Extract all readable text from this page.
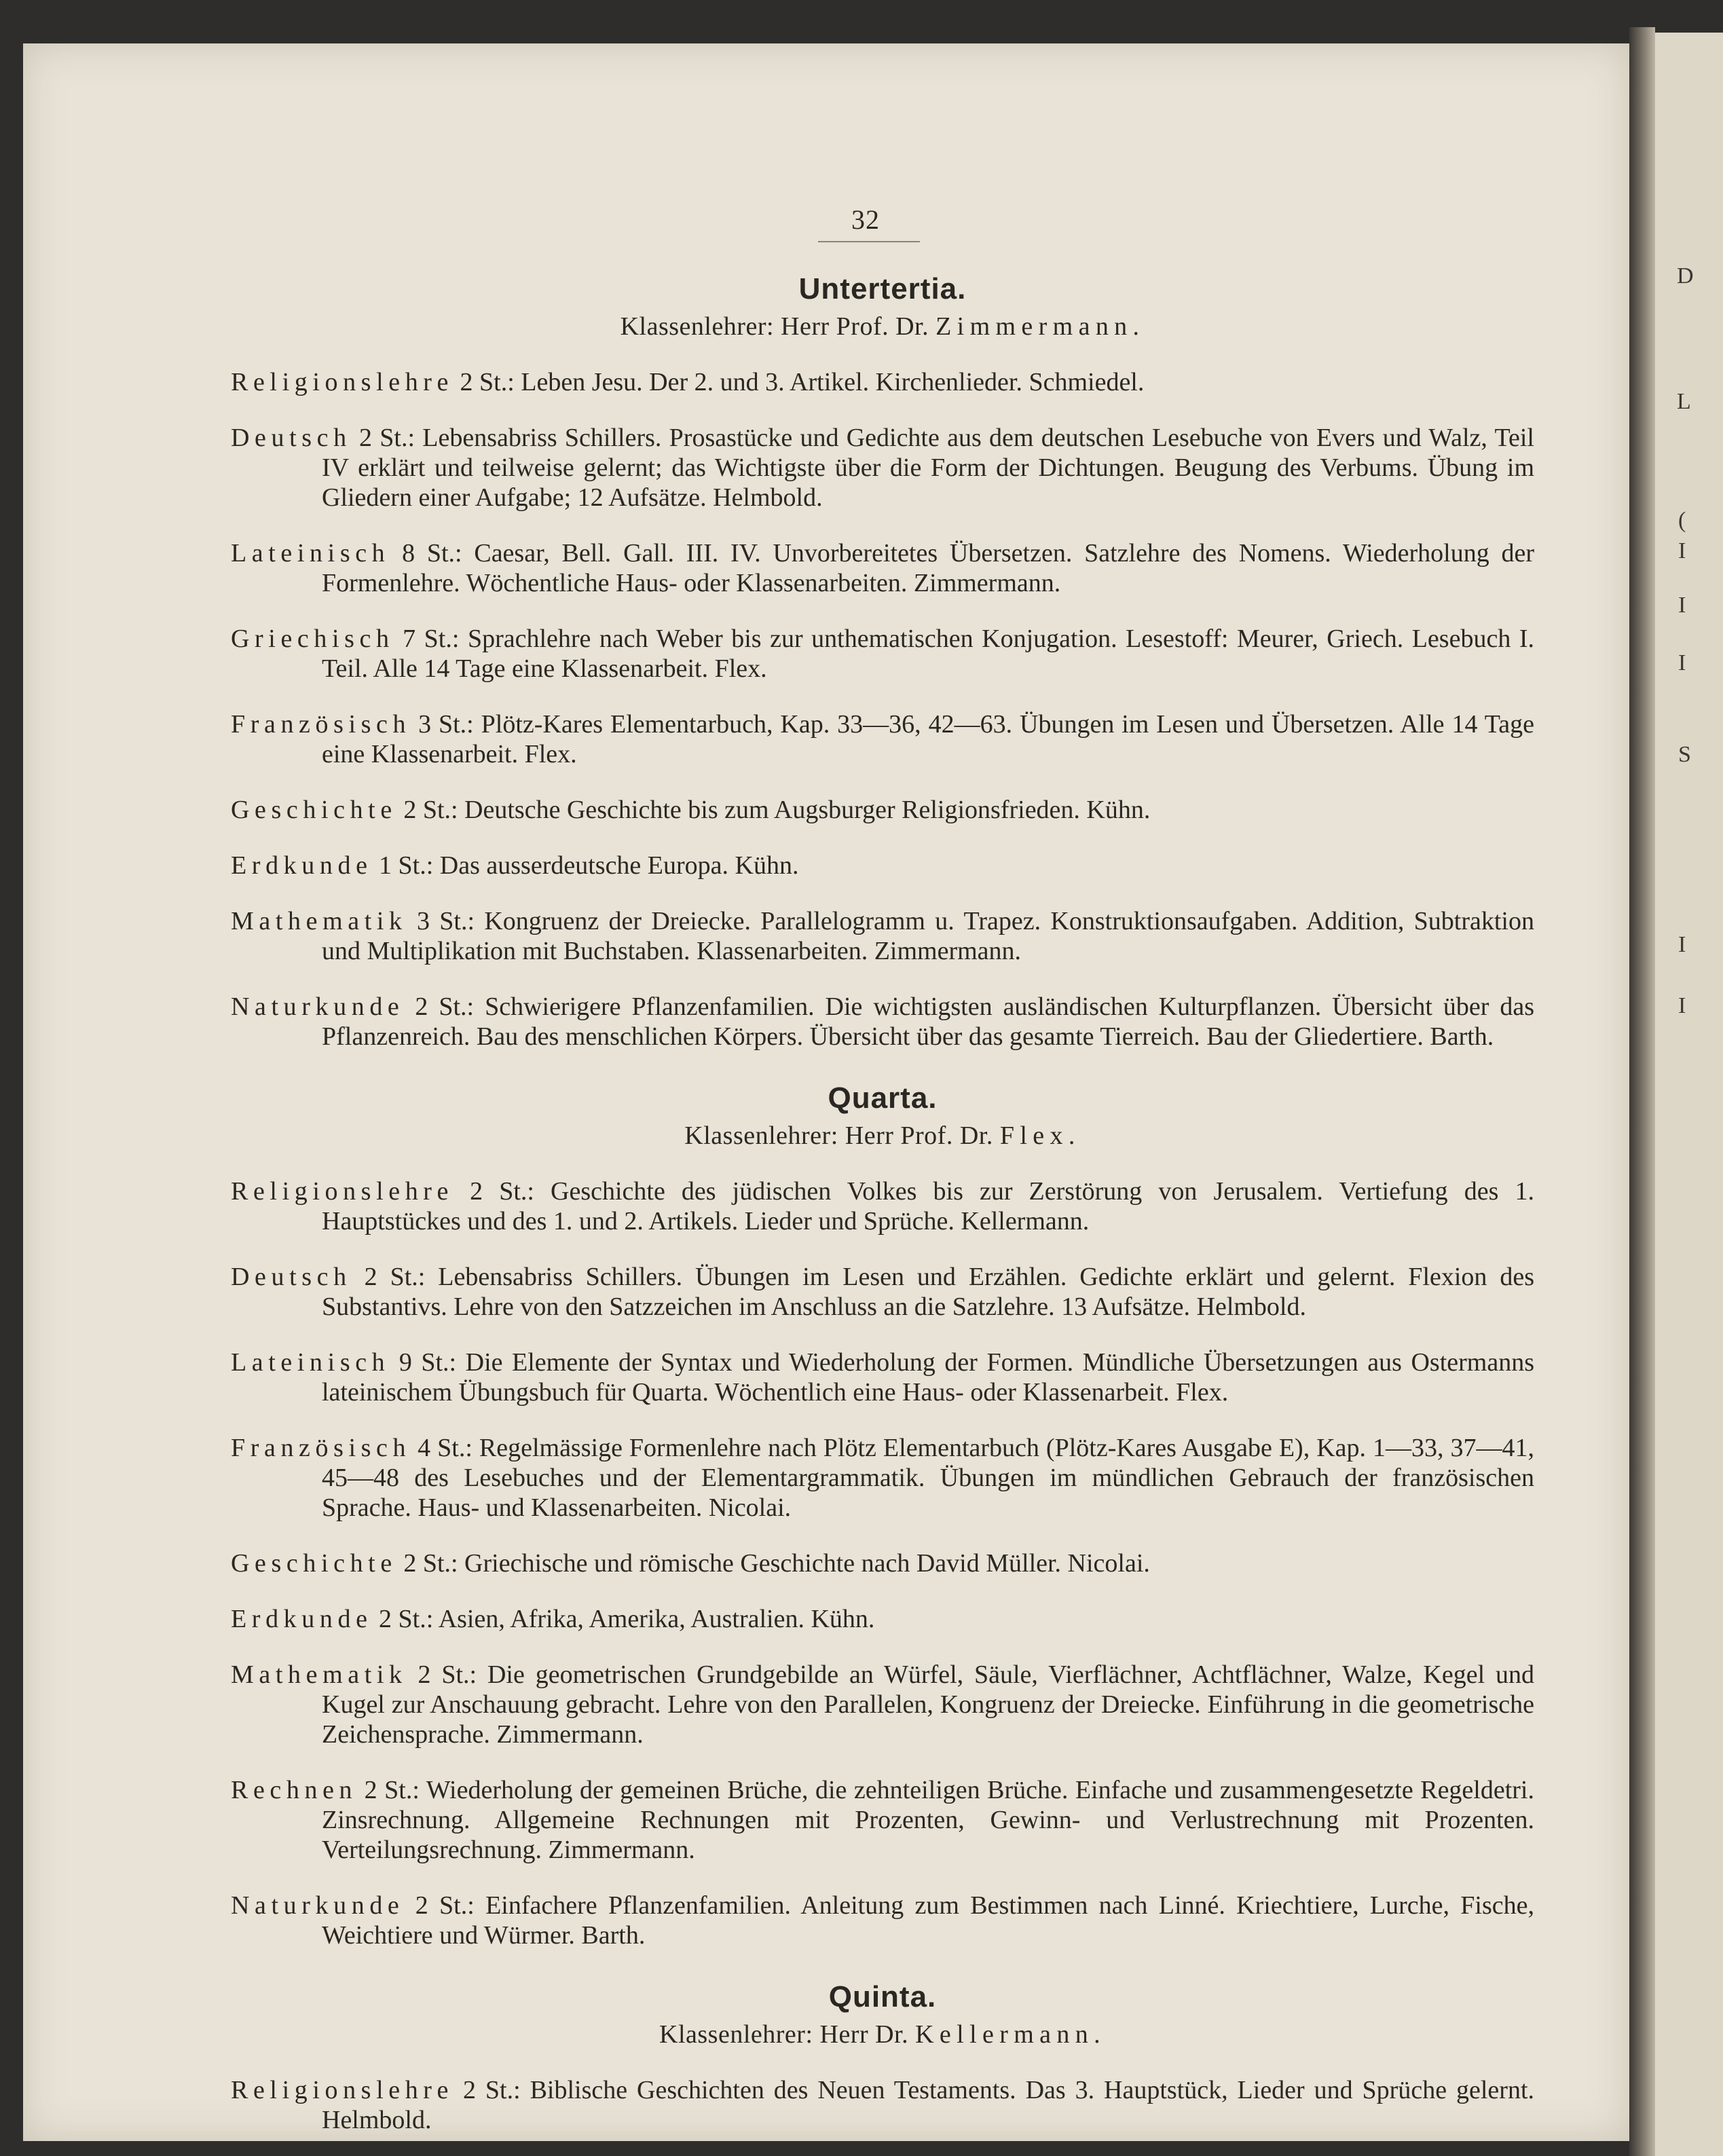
D
L
(
I
I
I
S
I
I
32
Untertertia.
Klassenlehrer: Herr Prof. Dr. Zimmermann.

Religionslehre 2 St.: Leben Jesu. Der 2. und 3. Artikel. Kirchenlieder. Schmiedel.

Deutsch 2 St.: Lebensabriss Schillers. Prosastücke und Gedichte aus dem deutschen Lesebuche von Evers und Walz, Teil IV erklärt und teilweise gelernt; das Wichtigste über die Form der Dichtungen. Beugung des Verbums. Übung im Gliedern einer Aufgabe; 12 Aufsätze. Helmbold.

Lateinisch 8 St.: Caesar, Bell. Gall. III. IV. Unvorbereitetes Übersetzen. Satzlehre des Nomens. Wiederholung der Formenlehre. Wöchentliche Haus- oder Klassenarbeiten. Zimmermann.

Griechisch 7 St.: Sprachlehre nach Weber bis zur unthematischen Konjugation. Lesestoff: Meurer, Griech. Lesebuch I. Teil. Alle 14 Tage eine Klassenarbeit. Flex.

Französisch 3 St.: Plötz-Kares Elementarbuch, Kap. 33—36, 42—63. Übungen im Lesen und Übersetzen. Alle 14 Tage eine Klassenarbeit. Flex.

Geschichte 2 St.: Deutsche Geschichte bis zum Augsburger Religionsfrieden. Kühn.

Erdkunde 1 St.: Das ausserdeutsche Europa. Kühn.

Mathematik 3 St.: Kongruenz der Dreiecke. Parallelogramm u. Trapez. Konstruktionsaufgaben. Addition, Subtraktion und Multiplikation mit Buchstaben. Klassenarbeiten. Zimmermann.

Naturkunde 2 St.: Schwierigere Pflanzenfamilien. Die wichtigsten ausländischen Kulturpflanzen. Übersicht über das Pflanzenreich. Bau des menschlichen Körpers. Übersicht über das gesamte Tierreich. Bau der Gliedertiere. Barth.

Quarta.
Klassenlehrer: Herr Prof. Dr. Flex.

Religionslehre 2 St.: Geschichte des jüdischen Volkes bis zur Zerstörung von Jerusalem. Vertiefung des 1. Hauptstückes und des 1. und 2. Artikels. Lieder und Sprüche. Kellermann.

Deutsch 2 St.: Lebensabriss Schillers. Übungen im Lesen und Erzählen. Gedichte erklärt und gelernt. Flexion des Substantivs. Lehre von den Satzzeichen im Anschluss an die Satzlehre. 13 Aufsätze. Helmbold.

Lateinisch 9 St.: Die Elemente der Syntax und Wiederholung der Formen. Mündliche Übersetzungen aus Ostermanns lateinischem Übungsbuch für Quarta. Wöchentlich eine Haus- oder Klassenarbeit. Flex.

Französisch 4 St.: Regelmässige Formenlehre nach Plötz Elementarbuch (Plötz-Kares Ausgabe E), Kap. 1—33, 37—41, 45—48 des Lesebuches und der Elementargrammatik. Übungen im mündlichen Gebrauch der französischen Sprache. Haus- und Klassenarbeiten. Nicolai.

Geschichte 2 St.: Griechische und römische Geschichte nach David Müller. Nicolai.

Erdkunde 2 St.: Asien, Afrika, Amerika, Australien. Kühn.

Mathematik 2 St.: Die geometrischen Grundgebilde an Würfel, Säule, Vierflächner, Achtflächner, Walze, Kegel und Kugel zur Anschauung gebracht. Lehre von den Parallelen, Kongruenz der Dreiecke. Einführung in die geometrische Zeichensprache. Zimmermann.

Rechnen 2 St.: Wiederholung der gemeinen Brüche, die zehnteiligen Brüche. Einfache und zusammengesetzte Regeldetri. Zinsrechnung. Allgemeine Rechnungen mit Prozenten, Gewinn- und Verlustrechnung mit Prozenten. Verteilungsrechnung. Zimmermann.

Naturkunde 2 St.: Einfachere Pflanzenfamilien. Anleitung zum Bestimmen nach Linné. Kriechtiere, Lurche, Fische, Weichtiere und Würmer. Barth.

Quinta.
Klassenlehrer: Herr Dr. Kellermann.

Religionslehre 2 St.: Biblische Geschichten des Neuen Testaments. Das 3. Hauptstück, Lieder und Sprüche gelernt. Helmbold.
